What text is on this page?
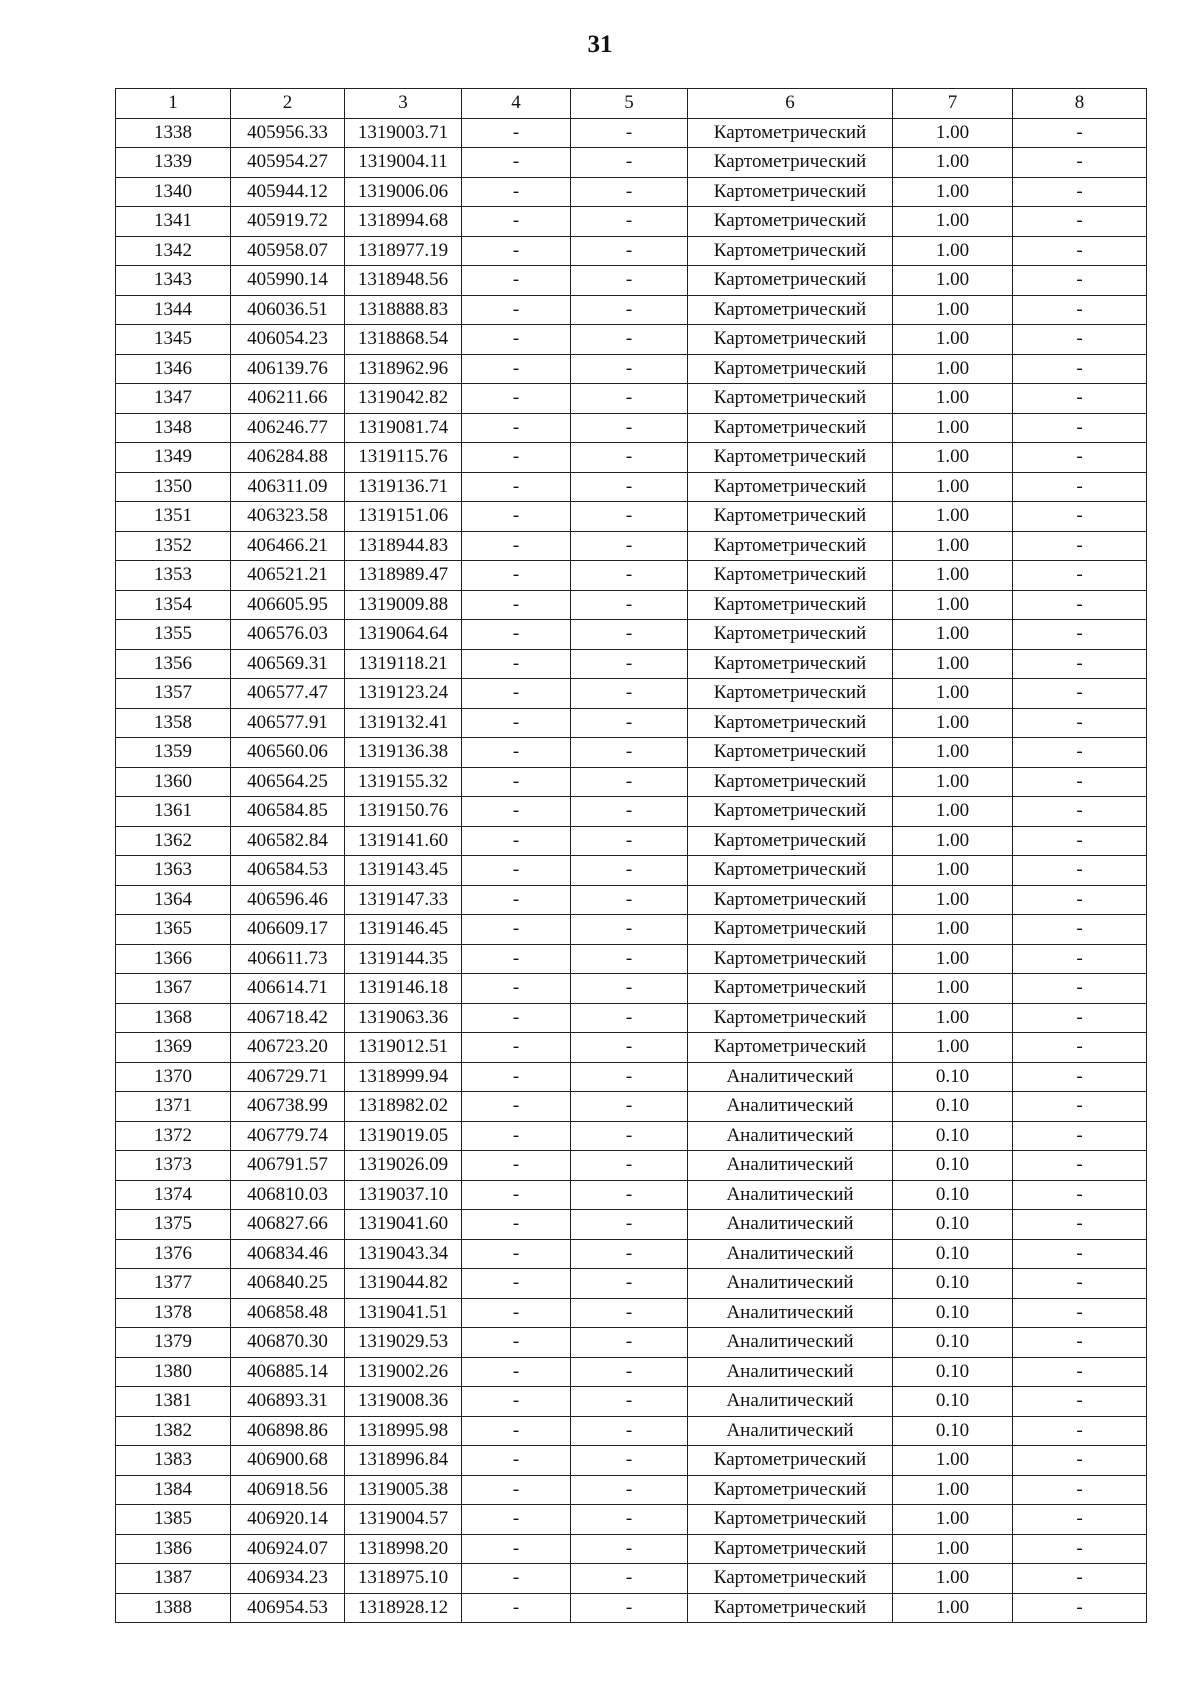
31
1	2	3	4	5	6	7	8
1338	405956.33	1319003.71	-	-	Картометрический	1.00	-
1339	405954.27	1319004.11	-	-	Картометрический	1.00	-
1340	405944.12	1319006.06	-	-	Картометрический	1.00	-
1341	405919.72	1318994.68	-	-	Картометрический	1.00	-
1342	405958.07	1318977.19	-	-	Картометрический	1.00	-
1343	405990.14	1318948.56	-	-	Картометрический	1.00	-
1344	406036.51	1318888.83	-	-	Картометрический	1.00	-
1345	406054.23	1318868.54	-	-	Картометрический	1.00	-
1346	406139.76	1318962.96	-	-	Картометрический	1.00	-
1347	406211.66	1319042.82	-	-	Картометрический	1.00	-
1348	406246.77	1319081.74	-	-	Картометрический	1.00	-
1349	406284.88	1319115.76	-	-	Картометрический	1.00	-
1350	406311.09	1319136.71	-	-	Картометрический	1.00	-
1351	406323.58	1319151.06	-	-	Картометрический	1.00	-
1352	406466.21	1318944.83	-	-	Картометрический	1.00	-
1353	406521.21	1318989.47	-	-	Картометрический	1.00	-
1354	406605.95	1319009.88	-	-	Картометрический	1.00	-
1355	406576.03	1319064.64	-	-	Картометрический	1.00	-
1356	406569.31	1319118.21	-	-	Картометрический	1.00	-
1357	406577.47	1319123.24	-	-	Картометрический	1.00	-
1358	406577.91	1319132.41	-	-	Картометрический	1.00	-
1359	406560.06	1319136.38	-	-	Картометрический	1.00	-
1360	406564.25	1319155.32	-	-	Картометрический	1.00	-
1361	406584.85	1319150.76	-	-	Картометрический	1.00	-
1362	406582.84	1319141.60	-	-	Картометрический	1.00	-
1363	406584.53	1319143.45	-	-	Картометрический	1.00	-
1364	406596.46	1319147.33	-	-	Картометрический	1.00	-
1365	406609.17	1319146.45	-	-	Картометрический	1.00	-
1366	406611.73	1319144.35	-	-	Картометрический	1.00	-
1367	406614.71	1319146.18	-	-	Картометрический	1.00	-
1368	406718.42	1319063.36	-	-	Картометрический	1.00	-
1369	406723.20	1319012.51	-	-	Картометрический	1.00	-
1370	406729.71	1318999.94	-	-	Аналитический	0.10	-
1371	406738.99	1318982.02	-	-	Аналитический	0.10	-
1372	406779.74	1319019.05	-	-	Аналитический	0.10	-
1373	406791.57	1319026.09	-	-	Аналитический	0.10	-
1374	406810.03	1319037.10	-	-	Аналитический	0.10	-
1375	406827.66	1319041.60	-	-	Аналитический	0.10	-
1376	406834.46	1319043.34	-	-	Аналитический	0.10	-
1377	406840.25	1319044.82	-	-	Аналитический	0.10	-
1378	406858.48	1319041.51	-	-	Аналитический	0.10	-
1379	406870.30	1319029.53	-	-	Аналитический	0.10	-
1380	406885.14	1319002.26	-	-	Аналитический	0.10	-
1381	406893.31	1319008.36	-	-	Аналитический	0.10	-
1382	406898.86	1318995.98	-	-	Аналитический	0.10	-
1383	406900.68	1318996.84	-	-	Картометрический	1.00	-
1384	406918.56	1319005.38	-	-	Картометрический	1.00	-
1385	406920.14	1319004.57	-	-	Картометрический	1.00	-
1386	406924.07	1318998.20	-	-	Картометрический	1.00	-
1387	406934.23	1318975.10	-	-	Картометрический	1.00	-
1388	406954.53	1318928.12	-	-	Картометрический	1.00	-
